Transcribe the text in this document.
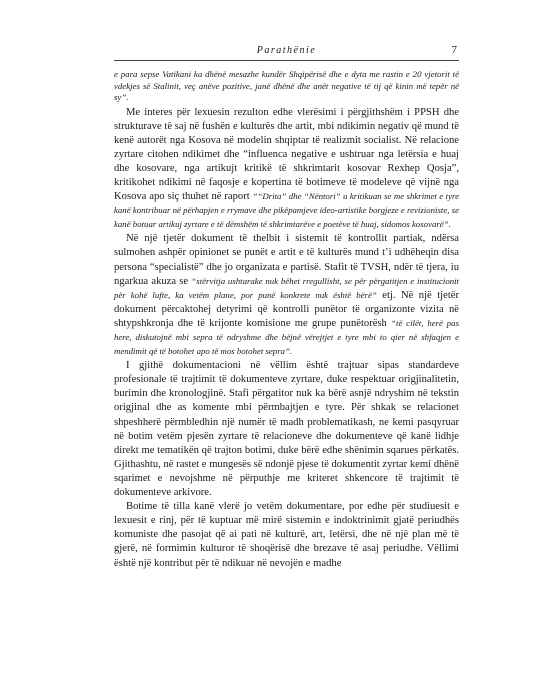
Parathënie	7

e para sepse Vatikani ka dhënë mesazhe kundër Shqipërisë dhe e dyta me rastin e 20 vjetorit të vdekjes së Stalinit, veç anëve pozitive, janë dhënë dhe anët negative të tij që kinin më tepër në sy”.

Me interes për lexuesin rezulton edhe vlerësimi i përgjithshëm i PPSH dhe strukturave të saj në fushën e kulturës dhe artit, mbi ndikimin negativ që mund të kenë autorët nga Kosova në modelin shqiptar të realizmit socialist. Në relacione zyrtare citohen ndikimet dhe “influenca negative e ushtruar nga letërsia e huaj dhe kosovare, nga artikujt kritikë të shkrimtarit kosovar Rexhep Qosja”, kritikohet ndikimi në faqosje e kopertina të botimeve të modeleve që vijnë nga Kosova apo siç thuhet në raport ““Drita” dhe “Nëntori” u kritikuan se me shkrimet e tyre kanë kontribuar në përhapjen e rrymave dhe pikëpamjeve ideo-artistike borgjeze e revizioniste, se kanë botuar artikuj zyrtare e të dëmshëm të shkrimtarëve e poetëve të huaj, sidomos kosovarë”.

Në një tjetër dokument të thelbit i sistemit të kontrollit partiak, ndërsa sulmohen ashpër opinionet se punët e artit e të kulturës mund t’i udhëheqin disa persona “specialistë” dhe jo organizata e partisë. Stafit të TVSH, ndër të tjera, iu ngarkua akuza se “stërvitja ushtarake nuk bëhet rregullisht, se për përgatitjen e institucionit për kohë lufte, ka vetëm plane, por punë konkrete nuk është bërë” etj. Në një tjetër dokument përcaktohej detyrimi që kontrolli punëtor të organizonte vizita në shtypshkronja dhe të krijonte komisione me grupe punëtorësh “të cilët, herë pas here, diskutojnë mbi sepra të ndryshme dhe bëjnë vërejtjet e tyre mbi to qier në shfaqjen e mendimit që të botohet apo të mos botohet sepra”.

I gjithë dokumentacioni në vëllim është trajtuar sipas standardeve profesionale të trajtimit të dokumenteve zyrtare, duke respektuar origjinalitetin, burimin dhe kronologjinë. Stafi përgatitor nuk ka bërë asnjë ndryshim në tekstin origjinal dhe as komente mbi përmbajtjen e tyre. Për shkak se relacionet shpeshherë përmbledhin një numër të madh problematikash, ne kemi pasqyruar në botim vetëm pjesën zyrtare të relacioneve dhe dokumenteve që kanë lidhje direkt me tematikën që trajton botimi, duke bërë edhe shënimin sqarues përkatës. Gjithashtu, në rastet e mungesës së ndonjë pjese të dokumentit zyrtar kemi dhënë sqarimet e nevojshme në përputhje me kriteret shkencore të trajtimit të dokumenteve arkivore.

Botime të tilla kanë vlerë jo vetëm dokumentare, por edhe për studiuesit e lexuesit e rinj, për të kuptuar më mirë sistemin e indoktrinimit gjatë periudhës komuniste dhe pasojat që ai pati në kulturë, art, letërsi, dhe në një plan më të gjerë, në formimin kulturor të shoqërisë dhe brezave të asaj periudhe. Vëllimi është një kontribut për të ndikuar në nevojën e madhe
